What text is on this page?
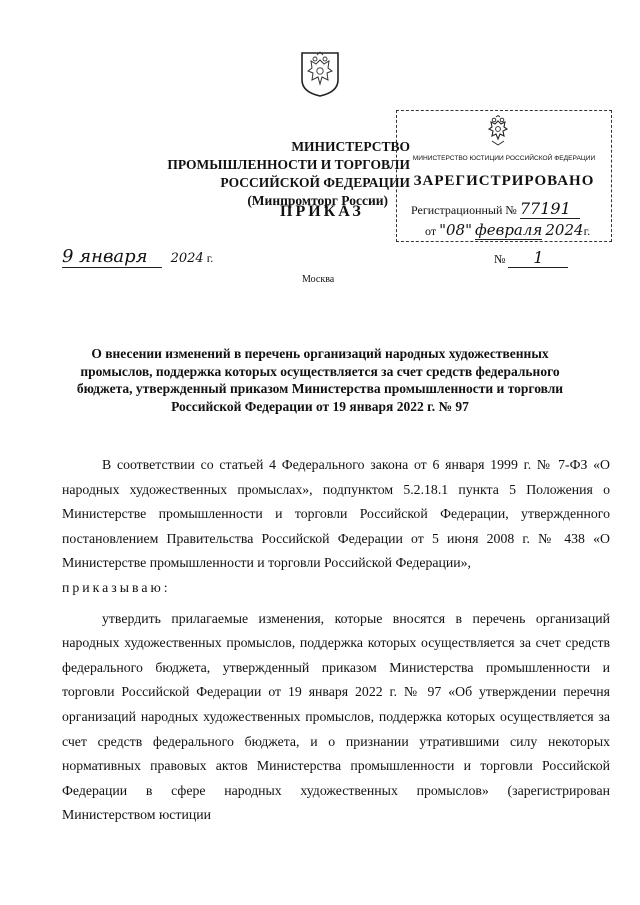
МИНИСТЕРСТВО ПРОМЫШЛЕННОСТИ И ТОРГОВЛИ
РОССИЙСКОЙ ФЕДЕРАЦИИ
(Минпромторг России)
ПРИКАЗ
МИНИСТЕРСТВО ЮСТИЦИИ РОССИЙСКОЙ ФЕДЕРАЦИИ
ЗАРЕГИСТРИРОВАНО
Регистрационный № 77191
от "08" февраля 2024г.
9 января 2024 г.	№ 1
Москва
О внесении изменений в перечень организаций народных художественных промыслов, поддержка которых осуществляется за счет средств федерального бюджета, утвержденный приказом Министерства промышленности и торговли Российской Федерации от 19 января 2022 г. № 97

В соответствии со статьей 4 Федерального закона от 6 января 1999 г. № 7-ФЗ «О народных художественных промыслах», подпунктом 5.2.18.1 пункта 5 Положения о Министерстве промышленности и торговли Российской Федерации, утвержденного постановлением Правительства Российской Федерации от 5 июня 2008 г. № 438 «О Министерстве промышленности и торговли Российской Федерации»,

приказываю:

утвердить прилагаемые изменения, которые вносятся в перечень организаций народных художественных промыслов, поддержка которых осуществляется за счет средств федерального бюджета, утвержденный приказом Министерства промышленности и торговли Российской Федерации от 19 января 2022 г. № 97 «Об утверждении перечня организаций народных художественных промыслов, поддержка которых осуществляется за счет средств федерального бюджета, и о признании утратившими силу некоторых нормативных правовых актов Министерства промышленности и торговли Российской Федерации в сфере народных художественных промыслов» (зарегистрирован Министерством юстиции
